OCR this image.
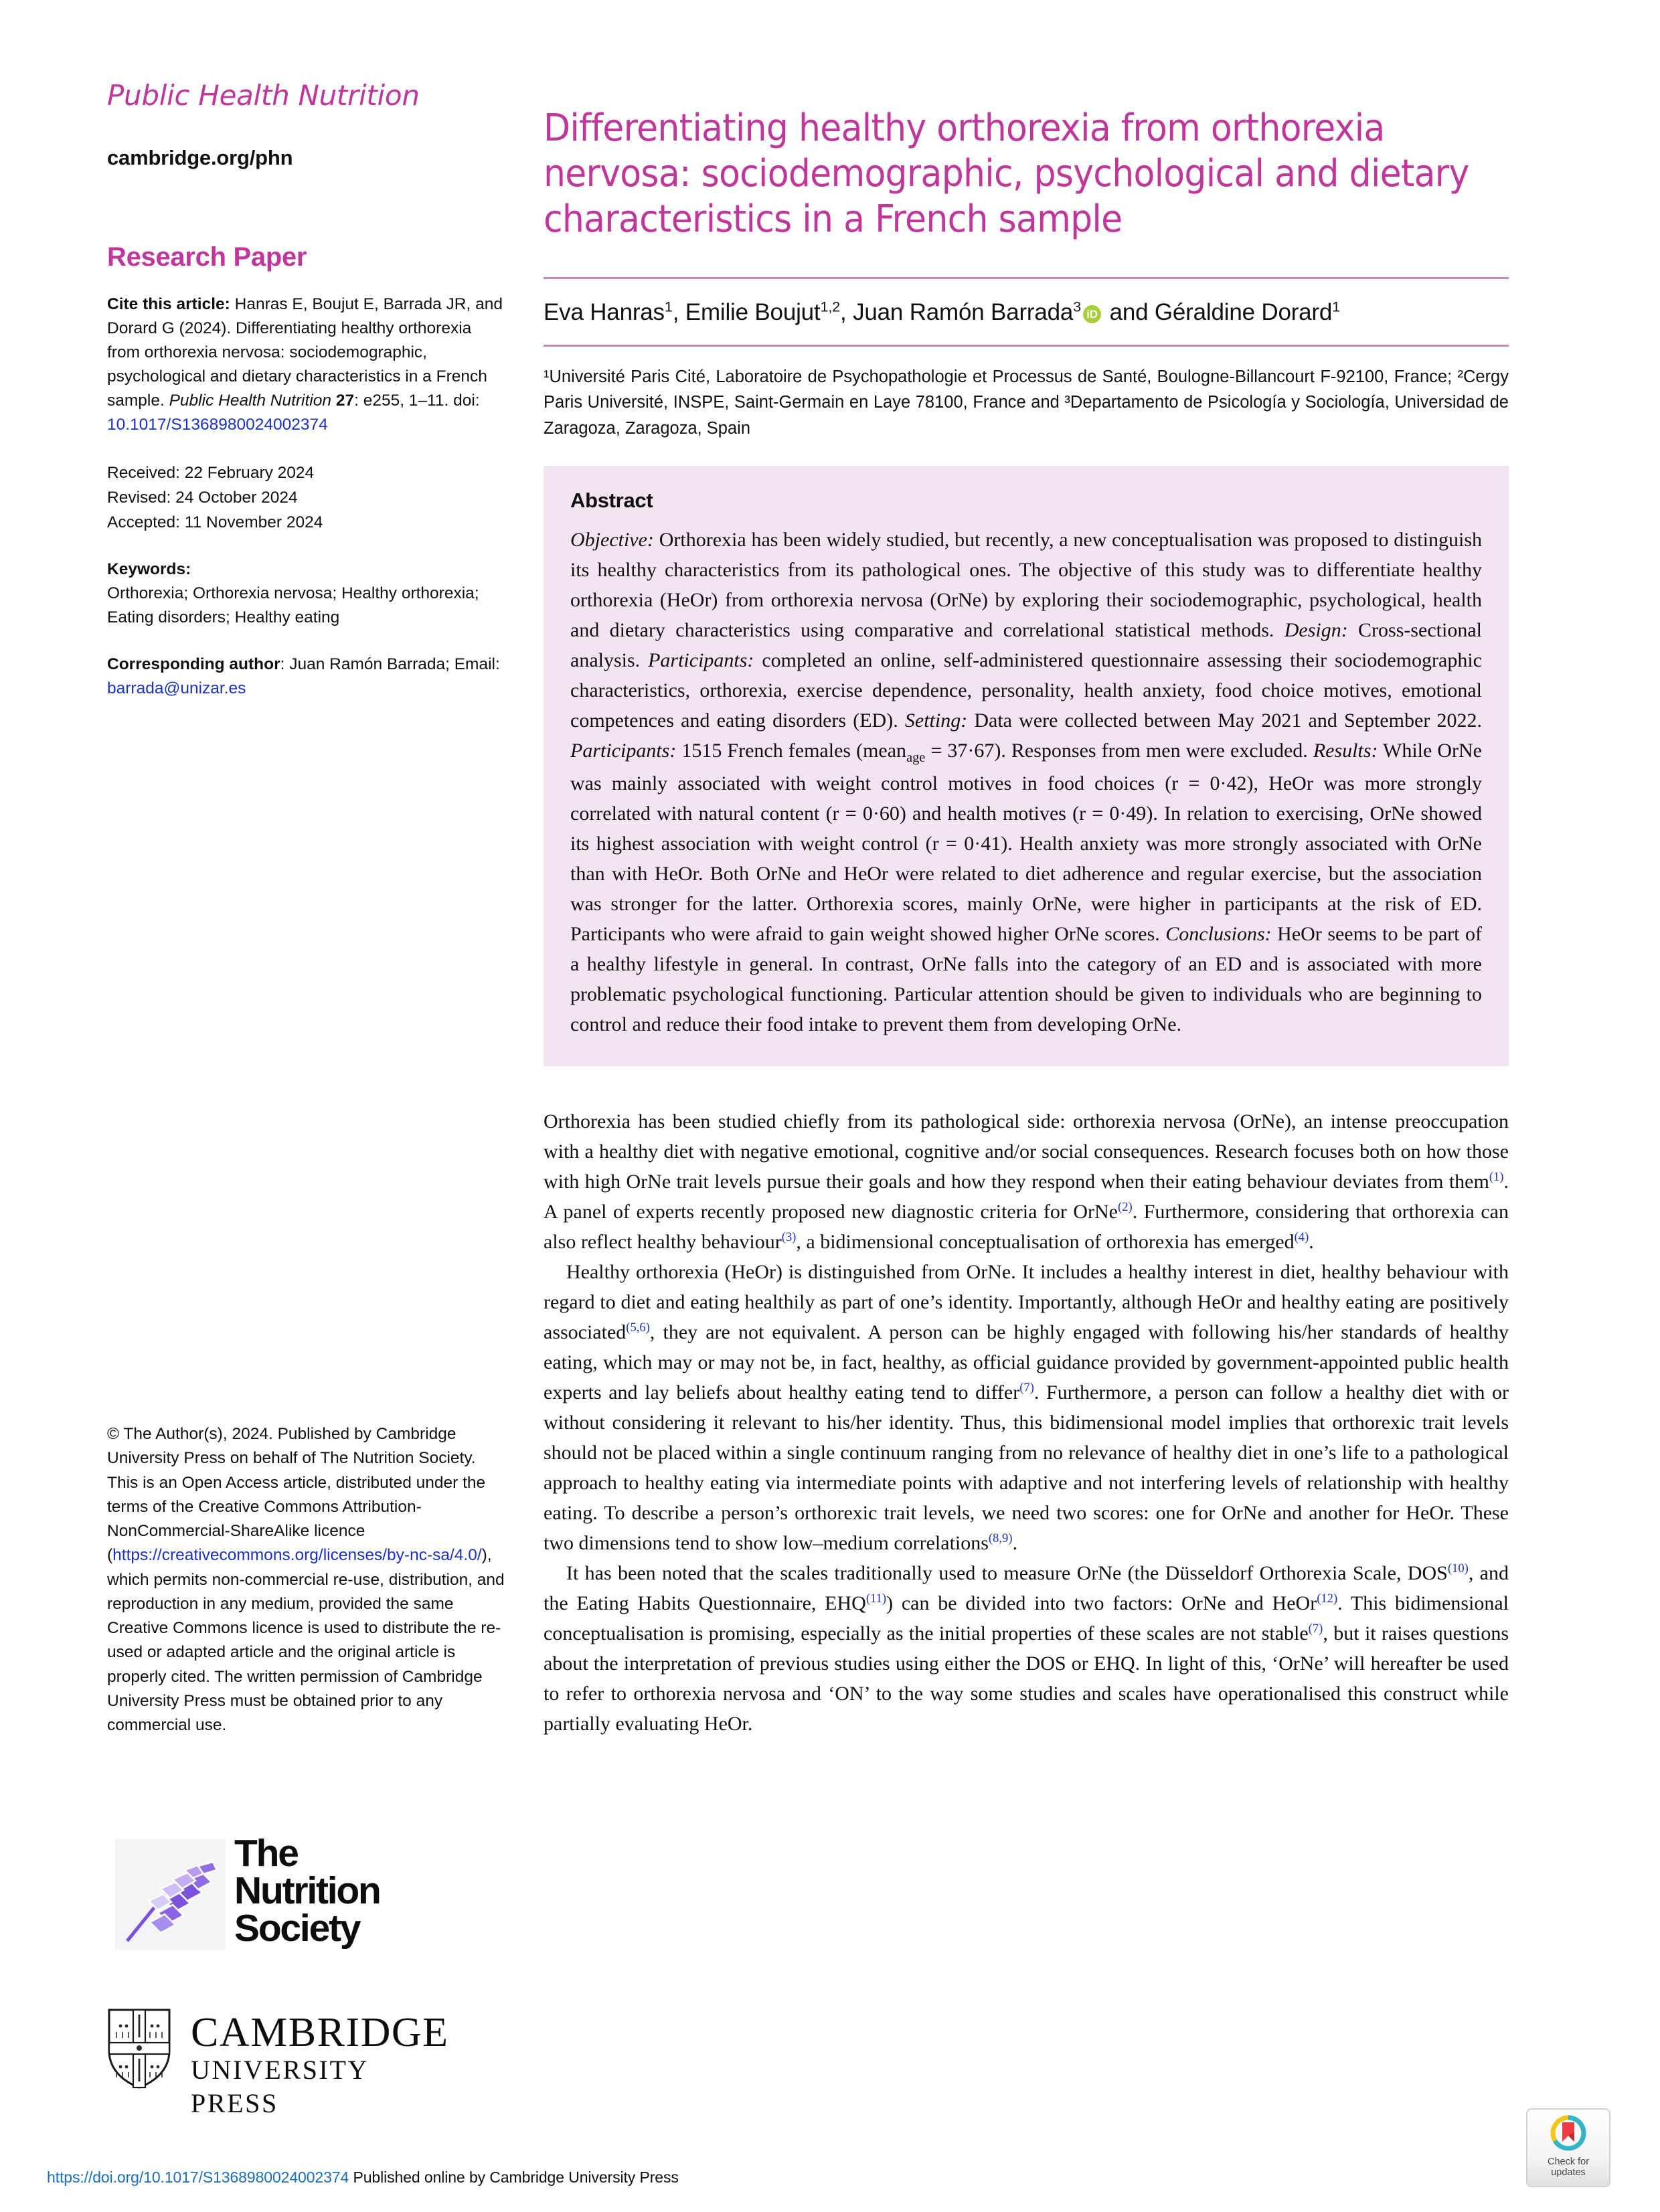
Public Health Nutrition
cambridge.org/phn
Research Paper
Cite this article: Hanras E, Boujut E, Barrada JR, and Dorard G (2024). Differentiating healthy orthorexia from orthorexia nervosa: sociodemographic, psychological and dietary characteristics in a French sample. Public Health Nutrition 27: e255, 1–11. doi: 10.1017/S1368980024002374
Received: 22 February 2024
Revised: 24 October 2024
Accepted: 11 November 2024
Keywords:
Orthorexia; Orthorexia nervosa; Healthy orthorexia; Eating disorders; Healthy eating
Corresponding author: Juan Ramón Barrada; Email: barrada@unizar.es
© The Author(s), 2024. Published by Cambridge University Press on behalf of The Nutrition Society. This is an Open Access article, distributed under the terms of the Creative Commons Attribution-NonCommercial-ShareAlike licence (https://creativecommons.org/licenses/by-nc-sa/4.0/), which permits non-commercial re-use, distribution, and reproduction in any medium, provided the same Creative Commons licence is used to distribute the re-used or adapted article and the original article is properly cited. The written permission of Cambridge University Press must be obtained prior to any commercial use.
The
Nutrition
Society
CAMBRIDGE
UNIVERSITY PRESS
Differentiating healthy orthorexia from orthorexia nervosa: sociodemographic, psychological and dietary characteristics in a French sample
Eva Hanras$^1$, Emilie Boujut$^{1,2}$, Juan Ramón Barrada$^3$ iD and Géraldine Dorard$^1$
¹Université Paris Cité, Laboratoire de Psychopathologie et Processus de Santé, Boulogne-Billancourt F-92100, France; ²Cergy Paris Université, INSPE, Saint-Germain en Laye 78100, France and ³Departamento de Psicología y Sociología, Universidad de Zaragoza, Zaragoza, Spain
Abstract
Objective: Orthorexia has been widely studied, but recently, a new conceptualisation was proposed to distinguish its healthy characteristics from its pathological ones. The objective of this study was to differentiate healthy orthorexia (HeOr) from orthorexia nervosa (OrNe) by exploring their sociodemographic, psychological, health and dietary characteristics using comparative and correlational statistical methods. Design: Cross-sectional analysis. Participants: completed an online, self-administered questionnaire assessing their sociodemographic characteristics, orthorexia, exercise dependence, personality, health anxiety, food choice motives, emotional competences and eating disorders (ED). Setting: Data were collected between May 2021 and September 2022. Participants: 1515 French females (mean$_{age}$ = 37·67). Responses from men were excluded. Results: While OrNe was mainly associated with weight control motives in food choices (r = 0·42), HeOr was more strongly correlated with natural content (r = 0·60) and health motives (r = 0·49). In relation to exercising, OrNe showed its highest association with weight control (r = 0·41). Health anxiety was more strongly associated with OrNe than with HeOr. Both OrNe and HeOr were related to diet adherence and regular exercise, but the association was stronger for the latter. Orthorexia scores, mainly OrNe, were higher in participants at the risk of ED. Participants who were afraid to gain weight showed higher OrNe scores. Conclusions: HeOr seems to be part of a healthy lifestyle in general. In contrast, OrNe falls into the category of an ED and is associated with more problematic psychological functioning. Particular attention should be given to individuals who are beginning to control and reduce their food intake to prevent them from developing OrNe.

Orthorexia has been studied chiefly from its pathological side: orthorexia nervosa (OrNe), an intense preoccupation with a healthy diet with negative emotional, cognitive and/or social consequences. Research focuses both on how those with high OrNe trait levels pursue their goals and how they respond when their eating behaviour deviates from them$^{(1)}$. A panel of experts recently proposed new diagnostic criteria for OrNe$^{(2)}$. Furthermore, considering that orthorexia can also reflect healthy behaviour$^{(3)}$, a bidimensional conceptualisation of orthorexia has emerged$^{(4)}$.

Healthy orthorexia (HeOr) is distinguished from OrNe. It includes a healthy interest in diet, healthy behaviour with regard to diet and eating healthily as part of one’s identity. Importantly, although HeOr and healthy eating are positively associated$^{(5,6)}$, they are not equivalent. A person can be highly engaged with following his/her standards of healthy eating, which may or may not be, in fact, healthy, as official guidance provided by government-appointed public health experts and lay beliefs about healthy eating tend to differ$^{(7)}$. Furthermore, a person can follow a healthy diet with or without considering it relevant to his/her identity. Thus, this bidimensional model implies that orthorexic trait levels should not be placed within a single continuum ranging from no relevance of healthy diet in one’s life to a pathological approach to healthy eating via intermediate points with adaptive and not interfering levels of relationship with healthy eating. To describe a person’s orthorexic trait levels, we need two scores: one for OrNe and another for HeOr. These two dimensions tend to show low–medium correlations$^{(8,9)}$.

It has been noted that the scales traditionally used to measure OrNe (the Düsseldorf Orthorexia Scale, DOS$^{(10)}$, and the Eating Habits Questionnaire, EHQ$^{(11)}$) can be divided into two factors: OrNe and HeOr$^{(12)}$. This bidimensional conceptualisation is promising, especially as the initial properties of these scales are not stable$^{(7)}$, but it raises questions about the interpretation of previous studies using either the DOS or EHQ. In light of this, ‘OrNe’ will hereafter be used to refer to orthorexia nervosa and ‘ON’ to the way some studies and scales have operationalised this construct while partially evaluating HeOr.

https://doi.org/10.1017/S1368980024002374 Published online by Cambridge University Press
Check for
updates
